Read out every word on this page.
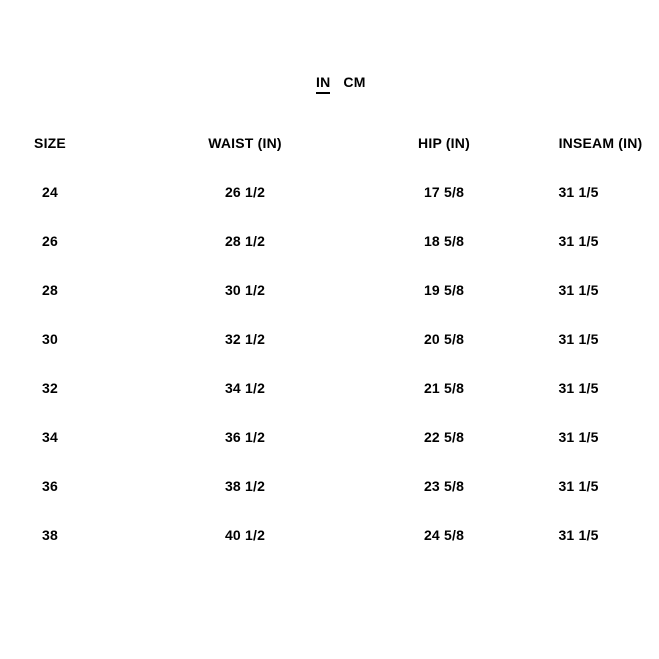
IN CM
SIZE	WAIST (IN)	HIP (IN)	INSEAM (IN)
24	26 1/2	17 5/8	31 1/5
26	28 1/2	18 5/8	31 1/5
28	30 1/2	19 5/8	31 1/5
30	32 1/2	20 5/8	31 1/5
32	34 1/2	21 5/8	31 1/5
34	36 1/2	22 5/8	31 1/5
36	38 1/2	23 5/8	31 1/5
38	40 1/2	24 5/8	31 1/5
